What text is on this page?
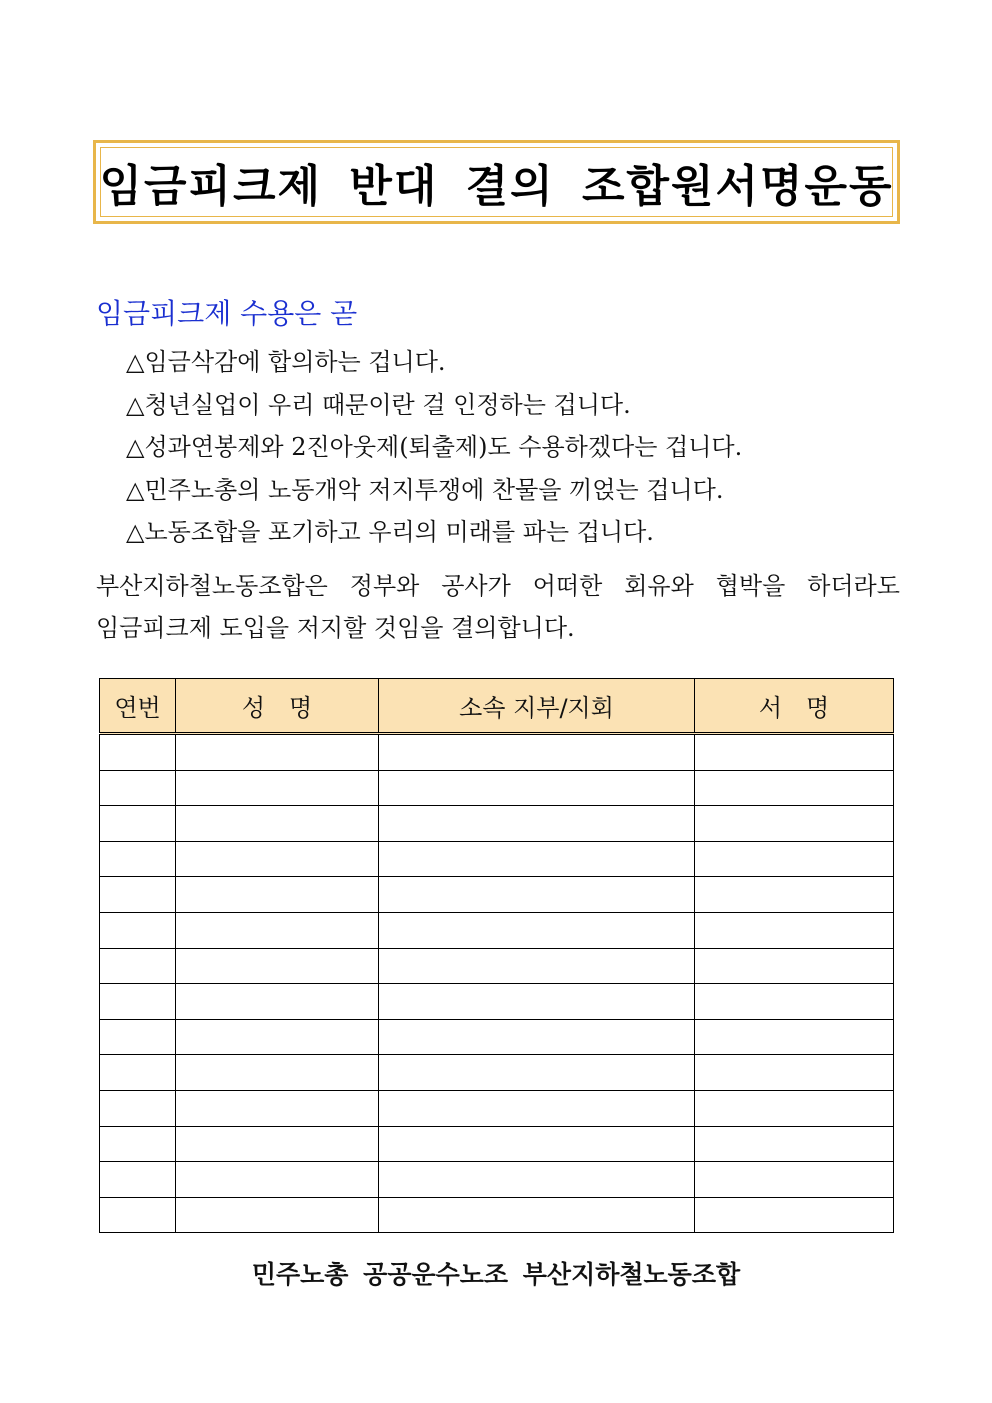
임금피크제 반대 결의 조합원서명운동
임금피크제 수용은 곧
△임금삭감에 합의하는 겁니다.
△청년실업이 우리 때문이란 걸 인정하는 겁니다.
△성과연봉제와 2진아웃제(퇴출제)도 수용하겠다는 겁니다.
△민주노총의 노동개악 저지투쟁에 찬물을 끼얹는 겁니다.
△노동조합을 포기하고 우리의 미래를 파는 겁니다.
부산지하철노동조합은 정부와 공사가 어떠한 회유와 협박을 하더라도
임금피크제 도입을 저지할 것임을 결의합니다.
연번	성　명	소속 지부/지회	서　명

민주노총 공공운수노조 부산지하철노동조합
